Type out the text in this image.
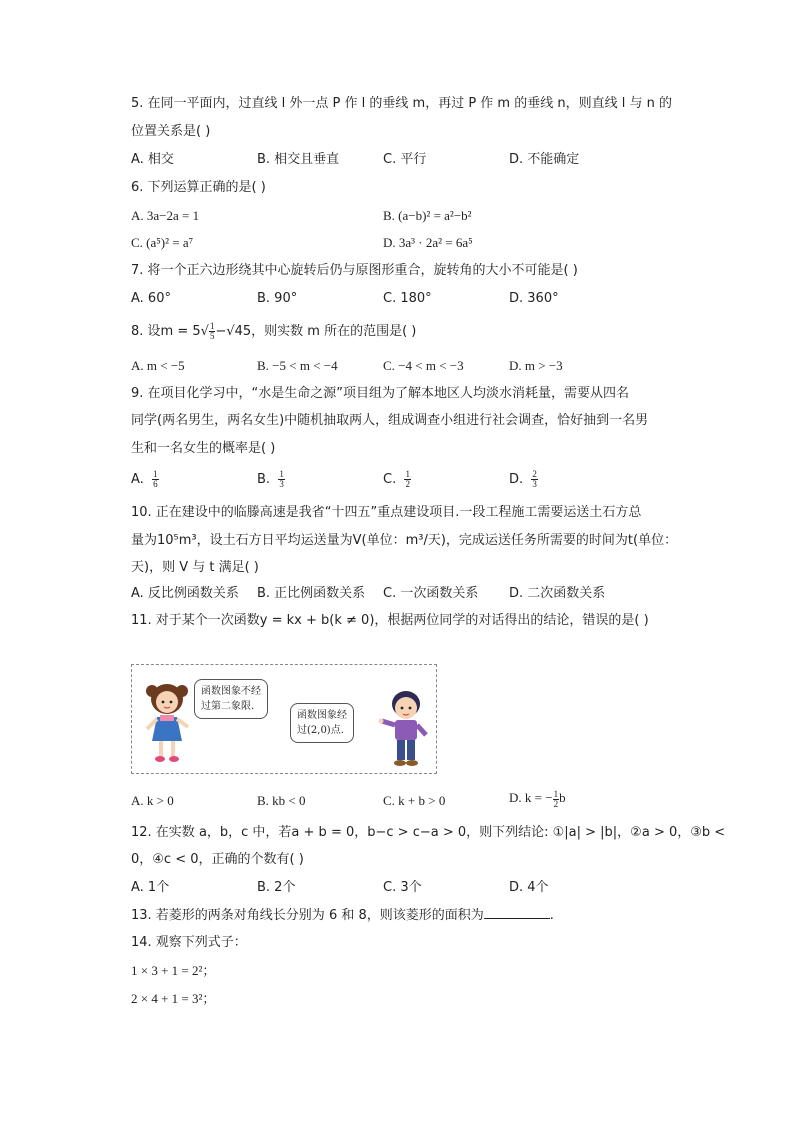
5. 在同一平面内，过直线 l 外一点 P 作 l 的垂线 m，再过 P 作 m 的垂线 n，则直线 l 与 n 的
位置关系是( )
A. 相交	B. 相交且垂直	C. 平行	D. 不能确定
6. 下列运算正确的是( )
A. 3a−2a = 1	B. (a−b)² = a²−b²
C. (a⁵)² = a⁷	D. 3a³ · 2a² = 6a⁵
7. 将一个正六边形绕其中心旋转后仍与原图形重合，旋转角的大小不可能是( )
A. 60°	B. 90°	C. 180°	D. 360°
8. 设$m = 5√ \frac{1}{5} -√45$，则实数 m 所在的范围是( )
A. m < −5	B. −5 < m < −4	C. −4 < m < −3	D. m > −3
9. 在项目化学习中，“水是生命之源”项目组为了解本地区人均淡水消耗量，需要从四名
同学(两名男生，两名女生)中随机抽取两人，组成调查小组进行社会调查，恰好抽到一名男
生和一名女生的概率是( )
A. $\frac{1}{6}$	B. $\frac{1}{3}$	C. $\frac{1}{2}$	D. $\frac{2}{3}$
10. 正在建设中的临滕高速是我省“十四五”重点建设项目.一段工程施工需要运送土石方总
量为10⁵m³，设土石方日平均运送量为V(单位：m³/天)，完成运送任务所需要的时间为t(单位：
天)，则 V 与 t 满足( )
A. 反比例函数关系 B. 正比例函数关系 C. 一次函数关系 D. 二次函数关系
11. 对于某个一次函数y = kx + b(k ≠ 0)，根据两位同学的对话得出的结论，错误的是( )
函数图象不经
过第二象限.
函数图象经
过(2,0)点.
A. k > 0	B. kb < 0	C. k + b > 0	D. k = − $\frac{1}{2}$ b
12. 在实数 a，b，c 中，若a + b = 0，b−c > c−a > 0，则下列结论: ①|a| > |b|，②a > 0，③b <
0，④c < 0，正确的个数有( )
A. 1个	B. 2个	C. 3个	D. 4个
13. 若菱形的两条对角线长分别为 6 和 8，则该菱形的面积为	.
14. 观察下列式子：
1 × 3 + 1 = 2²；
2 × 4 + 1 = 3²；
